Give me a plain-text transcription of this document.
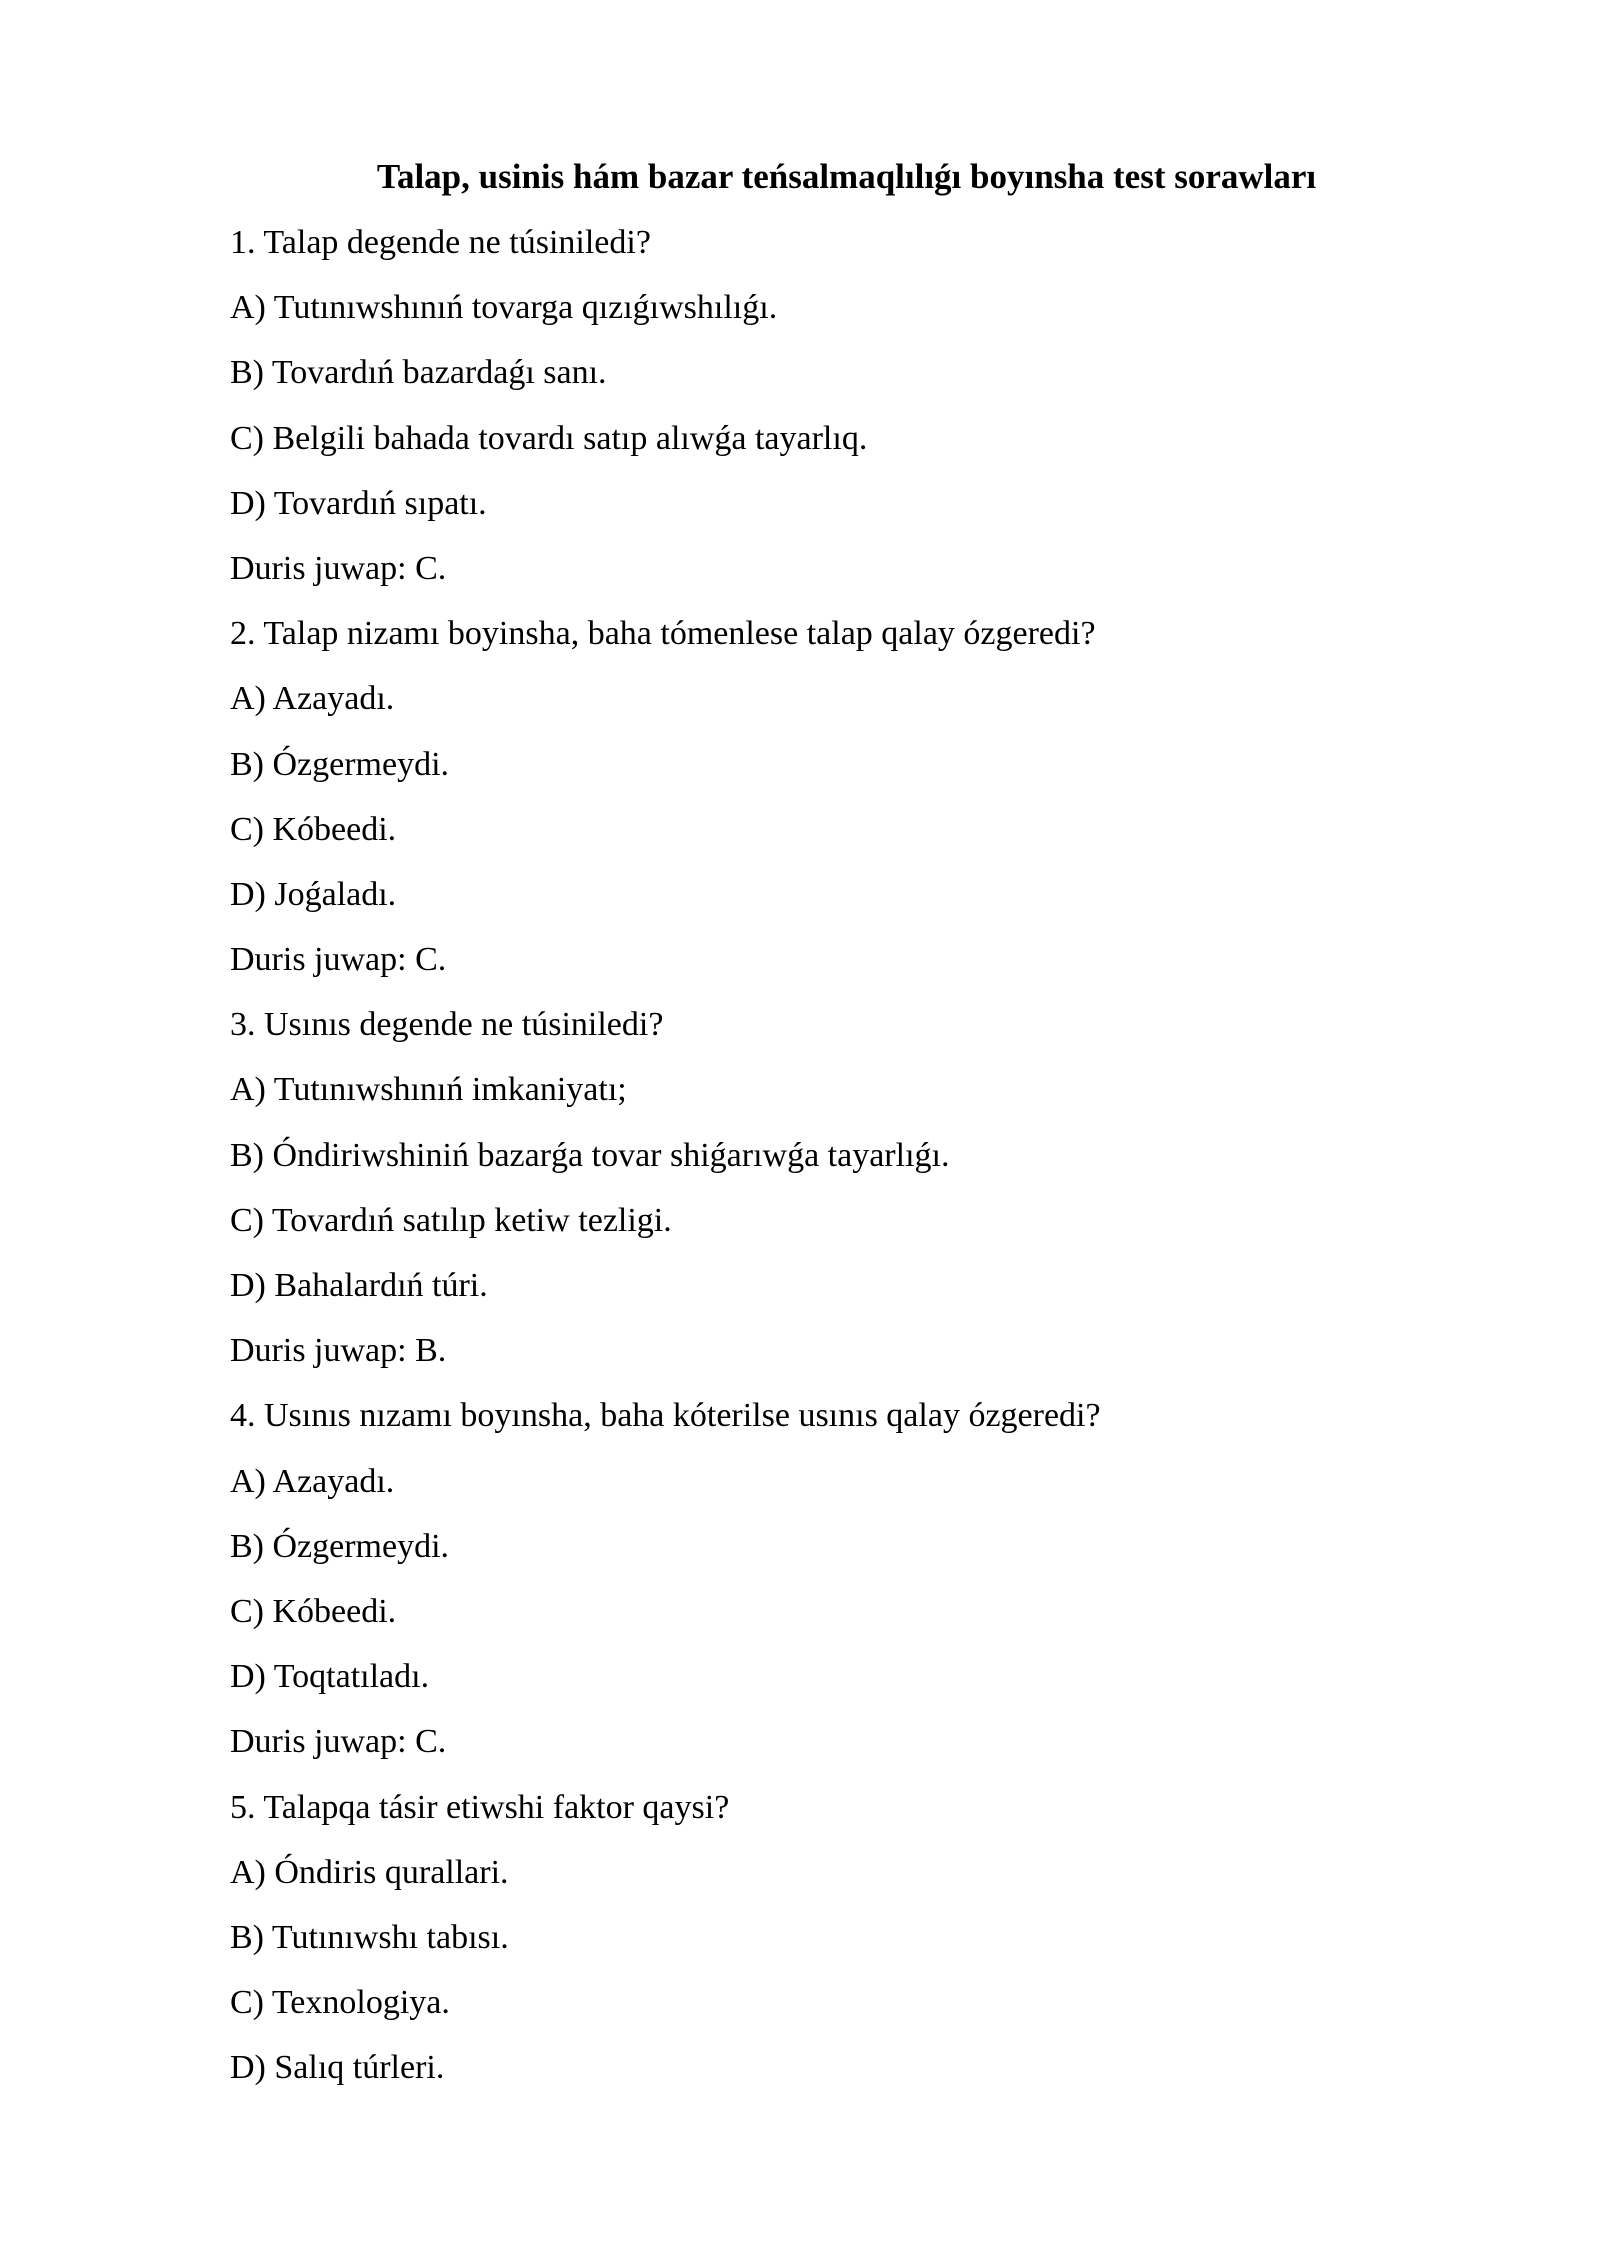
Talap, usinis hám bazar teńsalmaqlılıǵı boyınsha test sorawları
1. Talap degende ne túsiniledi?
A) Tutınıwshınıń tovarga qızıǵıwshılıǵı.
B) Tovardıń bazardaǵı sanı.
C) Belgili bahada tovardı satıp alıwǵa tayarlıq.
D) Tovardıń sıpatı.
Duris juwap: C.
2. Talap nizamı boyinsha, baha tómenlese talap qalay ózgeredi?
A) Azayadı.
B) Ózgermeydi.
C) Kóbeedi.
D) Joǵaladı.
Duris juwap: C.
3. Usınıs degende ne túsiniledi?
A) Tutınıwshınıń imkaniyatı;
B) Óndiriwshiniń bazarǵa tovar shiǵarıwǵa tayarlıǵı.
C) Tovardıń satılıp ketiw tezligi.
D) Bahalardıń túri.
Duris juwap: B.
4. Usınıs nızamı boyınsha, baha kóterilse usınıs qalay ózgeredi?
A) Azayadı.
B) Ózgermeydi.
C) Kóbeedi.
D) Toqtatıladı.
Duris juwap: C.
5. Talapqa tásir etiwshi faktor qaysi?
A) Óndiris qurallari.
B) Tutınıwshı tabısı.
C) Texnologiya.
D) Salıq túrleri.
